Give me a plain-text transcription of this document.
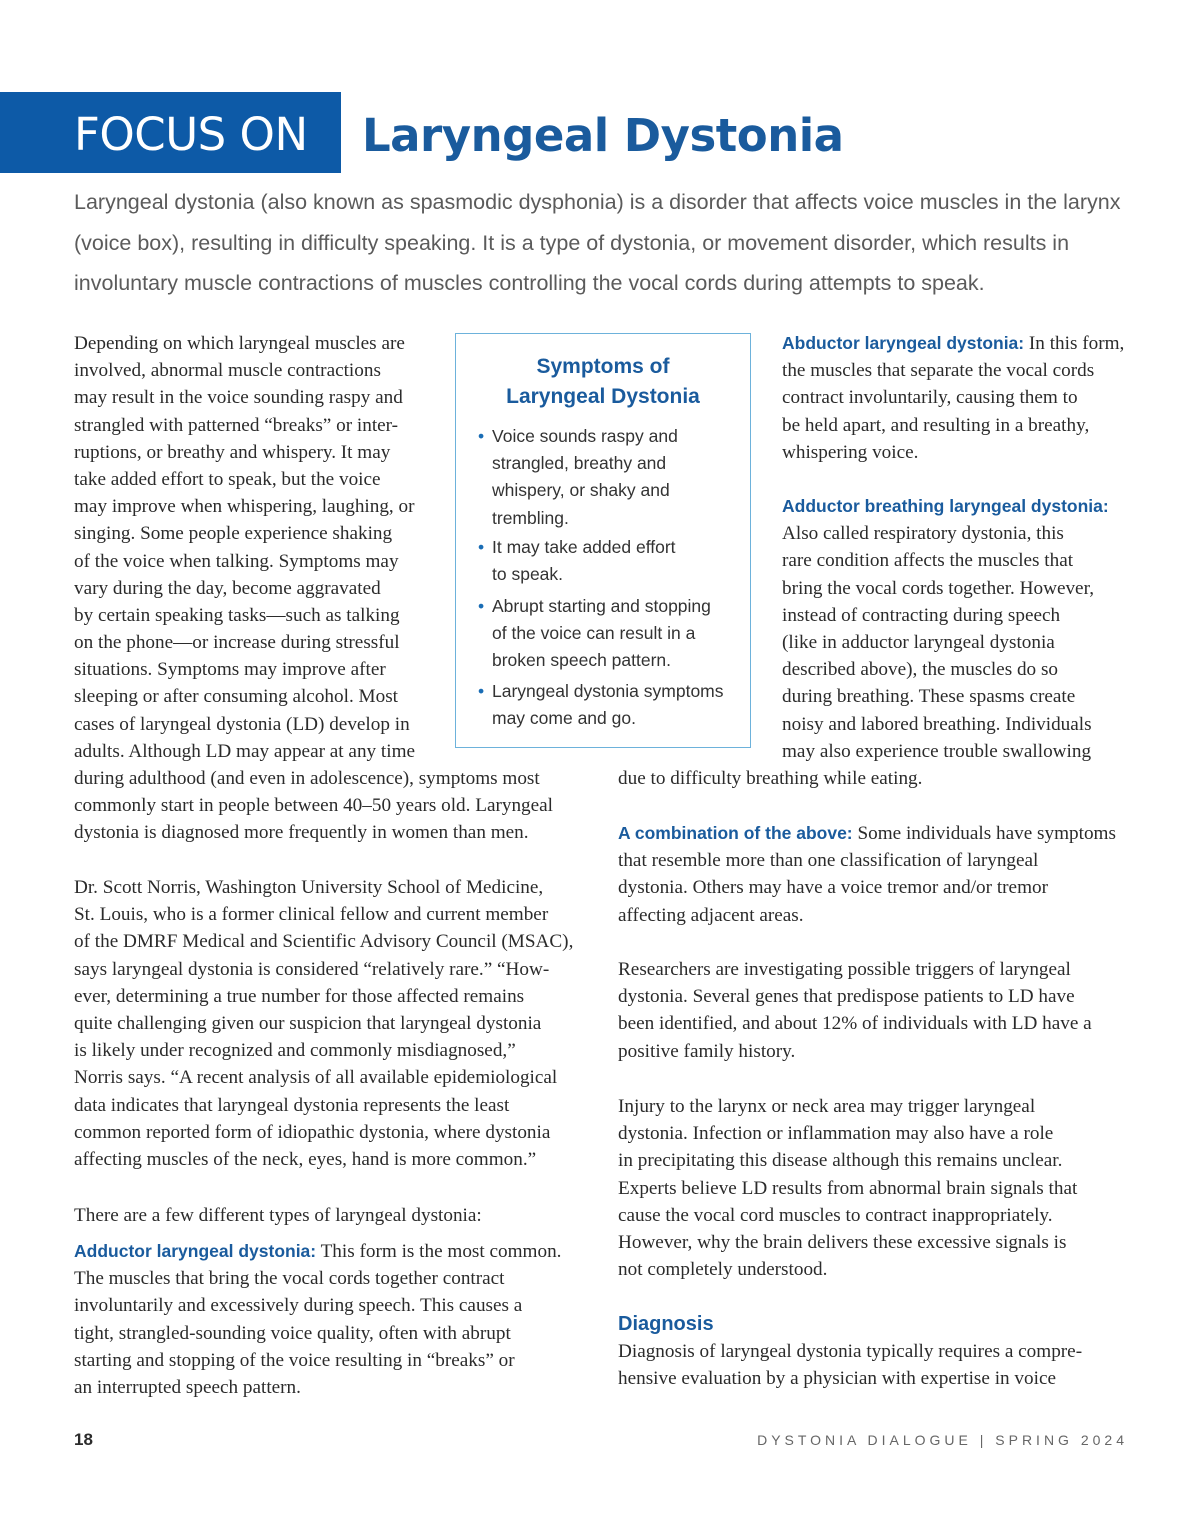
FOCUS ON Laryngeal Dystonia

Laryngeal dystonia (also known as spasmodic dysphonia) is a disorder that affects voice muscles in the larynx (voice box), resulting in difficulty speaking. It is a type of dystonia, or movement disorder, which results in involuntary muscle contractions of muscles controlling the vocal cords during attempts to speak.

Symptoms of
Laryngeal Dystonia
• Voice sounds raspy and
strangled, breathy and
whispery, or shaky and
trembling.
• It may take added effort
to speak.
• Abrupt starting and stopping
of the voice can result in a
broken speech pattern.
• Laryngeal dystonia symptoms
may come and go.
Depending on which laryngeal muscles are
involved, abnormal muscle contractions
may result in the voice sounding raspy and
strangled with patterned “breaks” or inter-
ruptions, or breathy and whispery. It may
take added effort to speak, but the voice
may improve when whispering, laughing, or
singing. Some people experience shaking
of the voice when talking. Symptoms may
vary during the day, become aggravated
by certain speaking tasks—such as talking
on the phone—or increase during stressful
situations. Symptoms may improve after
sleeping or after consuming alcohol. Most
cases of laryngeal dystonia (LD) develop in
adults. Although LD may appear at any time
during adulthood (and even in adolescence), symptoms most
commonly start in people between 40–50 years old. Laryngeal
dystonia is diagnosed more frequently in women than men.
Dr. Scott Norris, Washington University School of Medicine,
St. Louis, who is a former clinical fellow and current member
of the DMRF Medical and Scientific Advisory Council (MSAC),
says laryngeal dystonia is considered “relatively rare.” “How-
ever, determining a true number for those affected remains
quite challenging given our suspicion that laryngeal dystonia
is likely under recognized and commonly misdiagnosed,”
Norris says. “A recent analysis of all available epidemiological
data indicates that laryngeal dystonia represents the least
common reported form of idiopathic dystonia, where dystonia
affecting muscles of the neck, eyes, hand is more common.”
There are a few different types of laryngeal dystonia:
Adductor laryngeal dystonia: This form is the most common.
The muscles that bring the vocal cords together contract
involuntarily and excessively during speech. This causes a
tight, strangled-sounding voice quality, often with abrupt
starting and stopping of the voice resulting in “breaks” or
an interrupted speech pattern.
Abductor laryngeal dystonia: In this form,
the muscles that separate the vocal cords
contract involuntarily, causing them to
be held apart, and resulting in a breathy,
whispering voice.
Adductor breathing laryngeal dystonia:
Also called respiratory dystonia, this
rare condition affects the muscles that
bring the vocal cords together. However,
instead of contracting during speech
(like in adductor laryngeal dystonia
described above), the muscles do so
during breathing. These spasms create
noisy and labored breathing. Individuals
may also experience trouble swallowing
due to difficulty breathing while eating.
A combination of the above: Some individuals have symptoms
that resemble more than one classification of laryngeal
dystonia. Others may have a voice tremor and/or tremor
affecting adjacent areas.
Researchers are investigating possible triggers of laryngeal
dystonia. Several genes that predispose patients to LD have
been identified, and about 12% of individuals with LD have a
positive family history.
Injury to the larynx or neck area may trigger laryngeal
dystonia. Infection or inflammation may also have a role
in precipitating this disease although this remains unclear.
Experts believe LD results from abnormal brain signals that
cause the vocal cord muscles to contract inappropriately.
However, why the brain delivers these excessive signals is
not completely understood.
Diagnosis
Diagnosis of laryngeal dystonia typically requires a compre-
hensive evaluation by a physician with expertise in voice
18	DYSTONIA DIALOGUE | SPRING 2024
